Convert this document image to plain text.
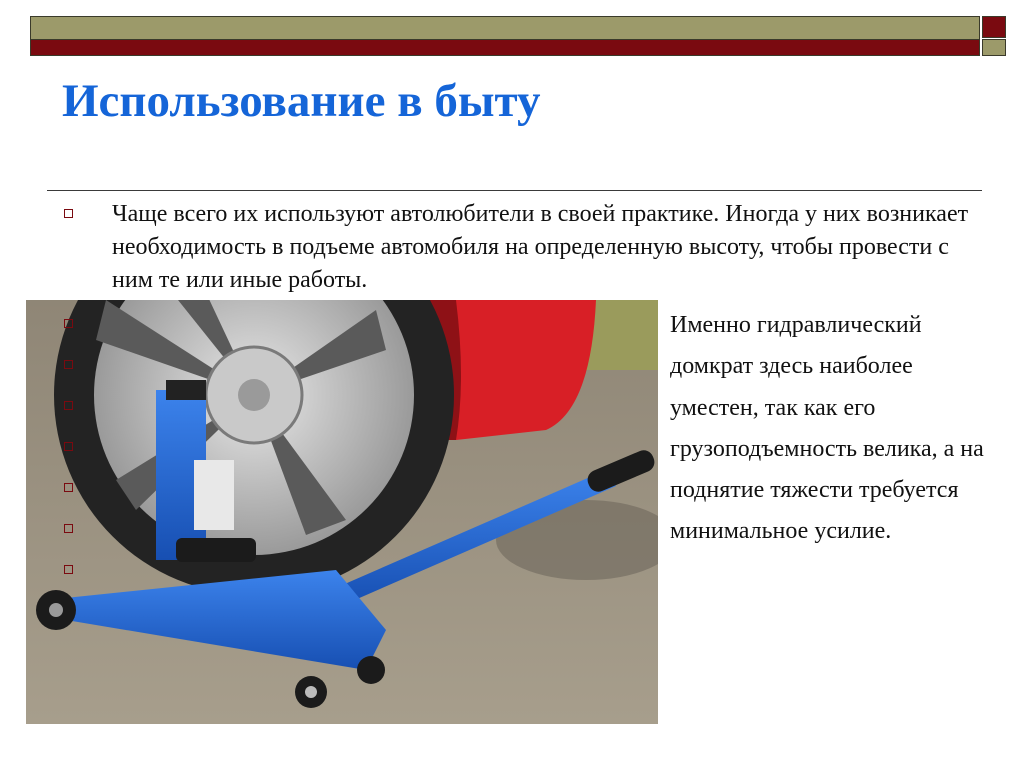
Использование в быту

Чаще всего их используют автолюбители в своей практике. Иногда у них возникает необходимость в подъеме автомобиля на определенную высоту, чтобы провести с ним те или иные работы.

Именно гидравлический домкрат здесь наиболее уместен, так как его грузоподъемность велика, а на поднятие тяжести требуется минимальное усилие.
